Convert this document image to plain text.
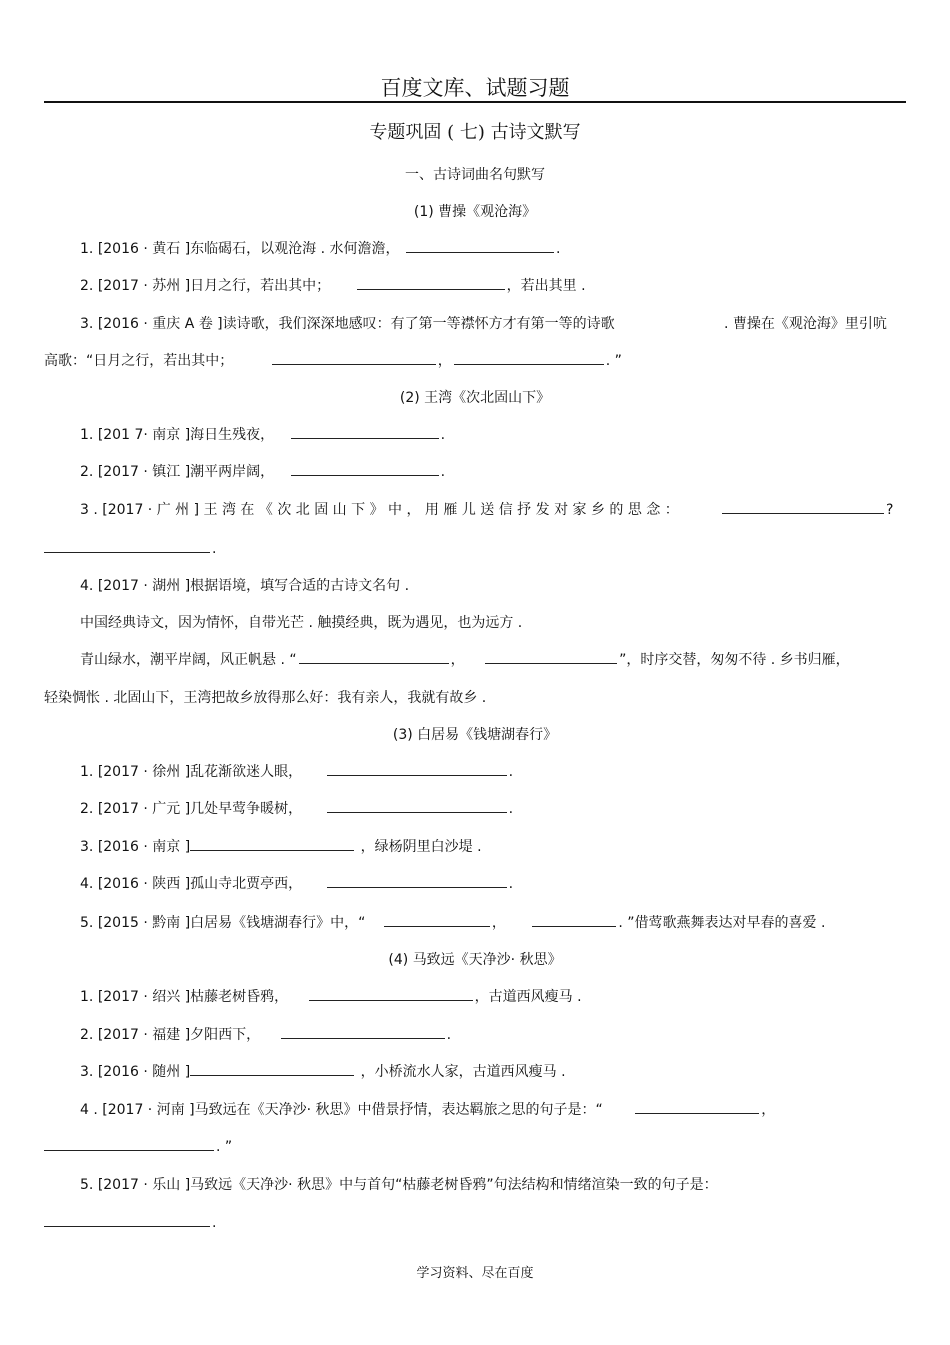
百度文库、试题习题
专题巩固 ( 七) 古诗文默写
一、古诗词曲名句默写
(1) 曹操《观沧海》
1. [2016 · 黄石 ]东临碣石，以观沧海 . 水何澹澹，	.
2. [2017 · 苏州 ]日月之行，若出其中；	，若出其里 .
3. [2016 · 重庆 A 卷 ]读诗歌，我们深深地感叹：有了第一等襟怀方才有第一等的诗歌	. 曹操在《观沧海》里引吭
高歌：“日月之行，若出其中；	，	. ”
(2) 王湾《次北固山下》
1. [201 7· 南京 ]海日生残夜，	.
2. [2017 · 镇江 ]潮平两岸阔，	.
3 . [2017 · 广 州 ] 王 湾 在 《 次 北 固 山 下 》 中 ， 用 雁 儿 送 信 抒 发 对 家 乡 的 思 念 ：	?
.
4. [2017 · 湖州 ]根据语境，填写合适的古诗文名句 .
中国经典诗文，因为情怀，自带光芒 . 触摸经典，既为遇见，也为远方 .
青山绿水，潮平岸阔，风正帆悬 . “	，	”，时序交替，匆匆不待 . 乡书归雁，
轻染惆怅 . 北固山下，王湾把故乡放得那么好：我有亲人，我就有故乡 .
(3) 白居易《钱塘湖春行》
1. [2017 · 徐州 ]乱花渐欲迷人眼，	.
2. [2017 · 广元 ]几处早莺争暖树，	.
3. [2016 · 南京 ]	，绿杨阴里白沙堤 .
4. [2016 · 陕西 ]孤山寺北贾亭西，	.
5. [2015 · 黔南 ]白居易《钱塘湖春行》中，“	，	. ”借莺歌燕舞表达对早春的喜爱 .
(4) 马致远《天净沙· 秋思》
1. [2017 · 绍兴 ]枯藤老树昏鸦，	，古道西风瘦马 .
2. [2017 · 福建 ]夕阳西下，	.
3. [2016 · 随州 ]	，小桥流水人家，古道西风瘦马 .
4 . [2017 · 河南 ]马致远在《天净沙· 秋思》中借景抒情，表达羁旅之思的句子是：“	，
. ”
5. [2017 · 乐山 ]马致远《天净沙· 秋思》中与首句“枯藤老树昏鸦”句法结构和情绪渲染一致的句子是：
.
学习资料、尽在百度
